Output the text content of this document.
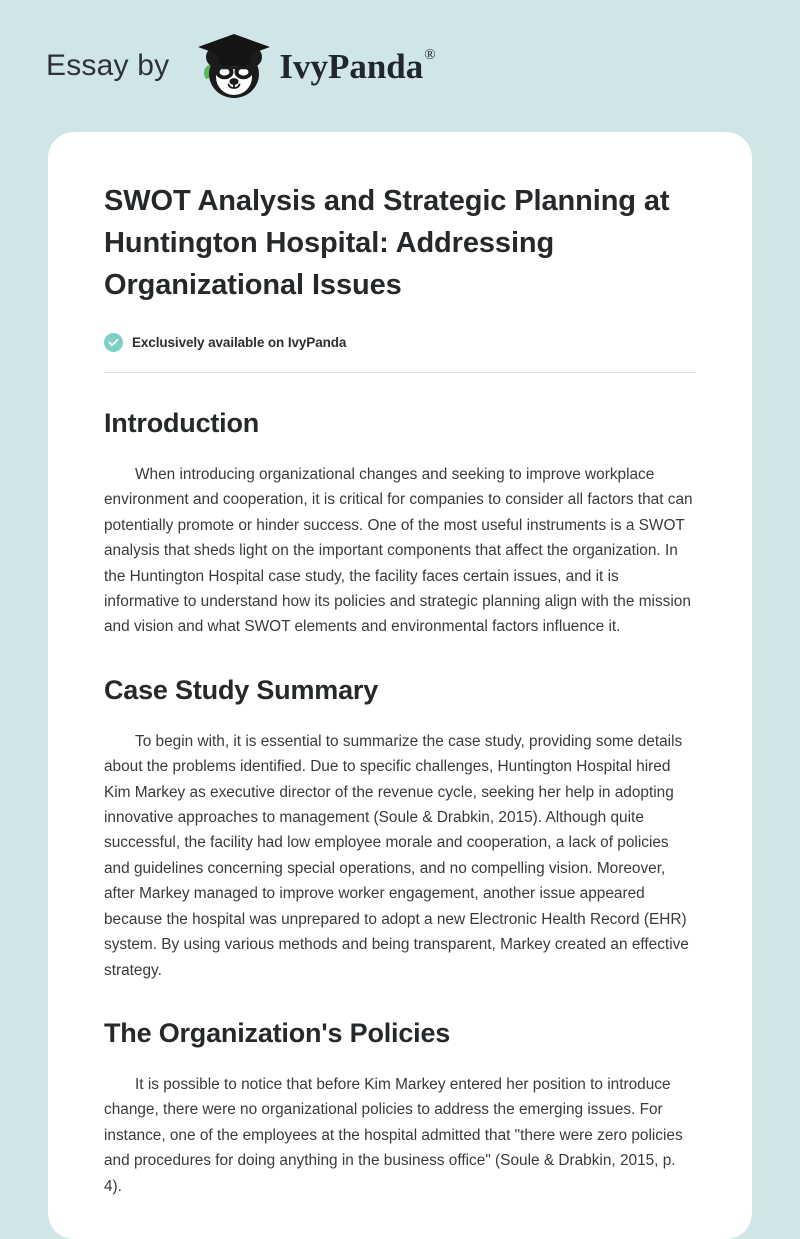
Essay by	IvyPanda®
SWOT Analysis and Strategic Planning at Huntington Hospital: Addressing Organizational Issues
Exclusively available on IvyPanda
Introduction

When introducing organizational changes and seeking to improve workplace environment and cooperation, it is critical for companies to consider all factors that can potentially promote or hinder success. One of the most useful instruments is a SWOT analysis that sheds light on the important components that affect the organization. In the Huntington Hospital case study, the facility faces certain issues, and it is informative to understand how its policies and strategic planning align with the mission and vision and what SWOT elements and environmental factors influence it.

Case Study Summary

To begin with, it is essential to summarize the case study, providing some details about the problems identified. Due to specific challenges, Huntington Hospital hired Kim Markey as executive director of the revenue cycle, seeking her help in adopting innovative approaches to management (Soule & Drabkin, 2015). Although quite successful, the facility had low employee morale and cooperation, a lack of policies and guidelines concerning special operations, and no compelling vision. Moreover, after Markey managed to improve worker engagement, another issue appeared because the hospital was unprepared to adopt a new Electronic Health Record (EHR) system. By using various methods and being transparent, Markey created an effective strategy.

The Organization's Policies

It is possible to notice that before Kim Markey entered her position to introduce change, there were no organizational policies to address the emerging issues. For instance, one of the employees at the hospital admitted that "there were zero policies and procedures for doing anything in the business office" (Soule & Drabkin, 2015, p. 4).
